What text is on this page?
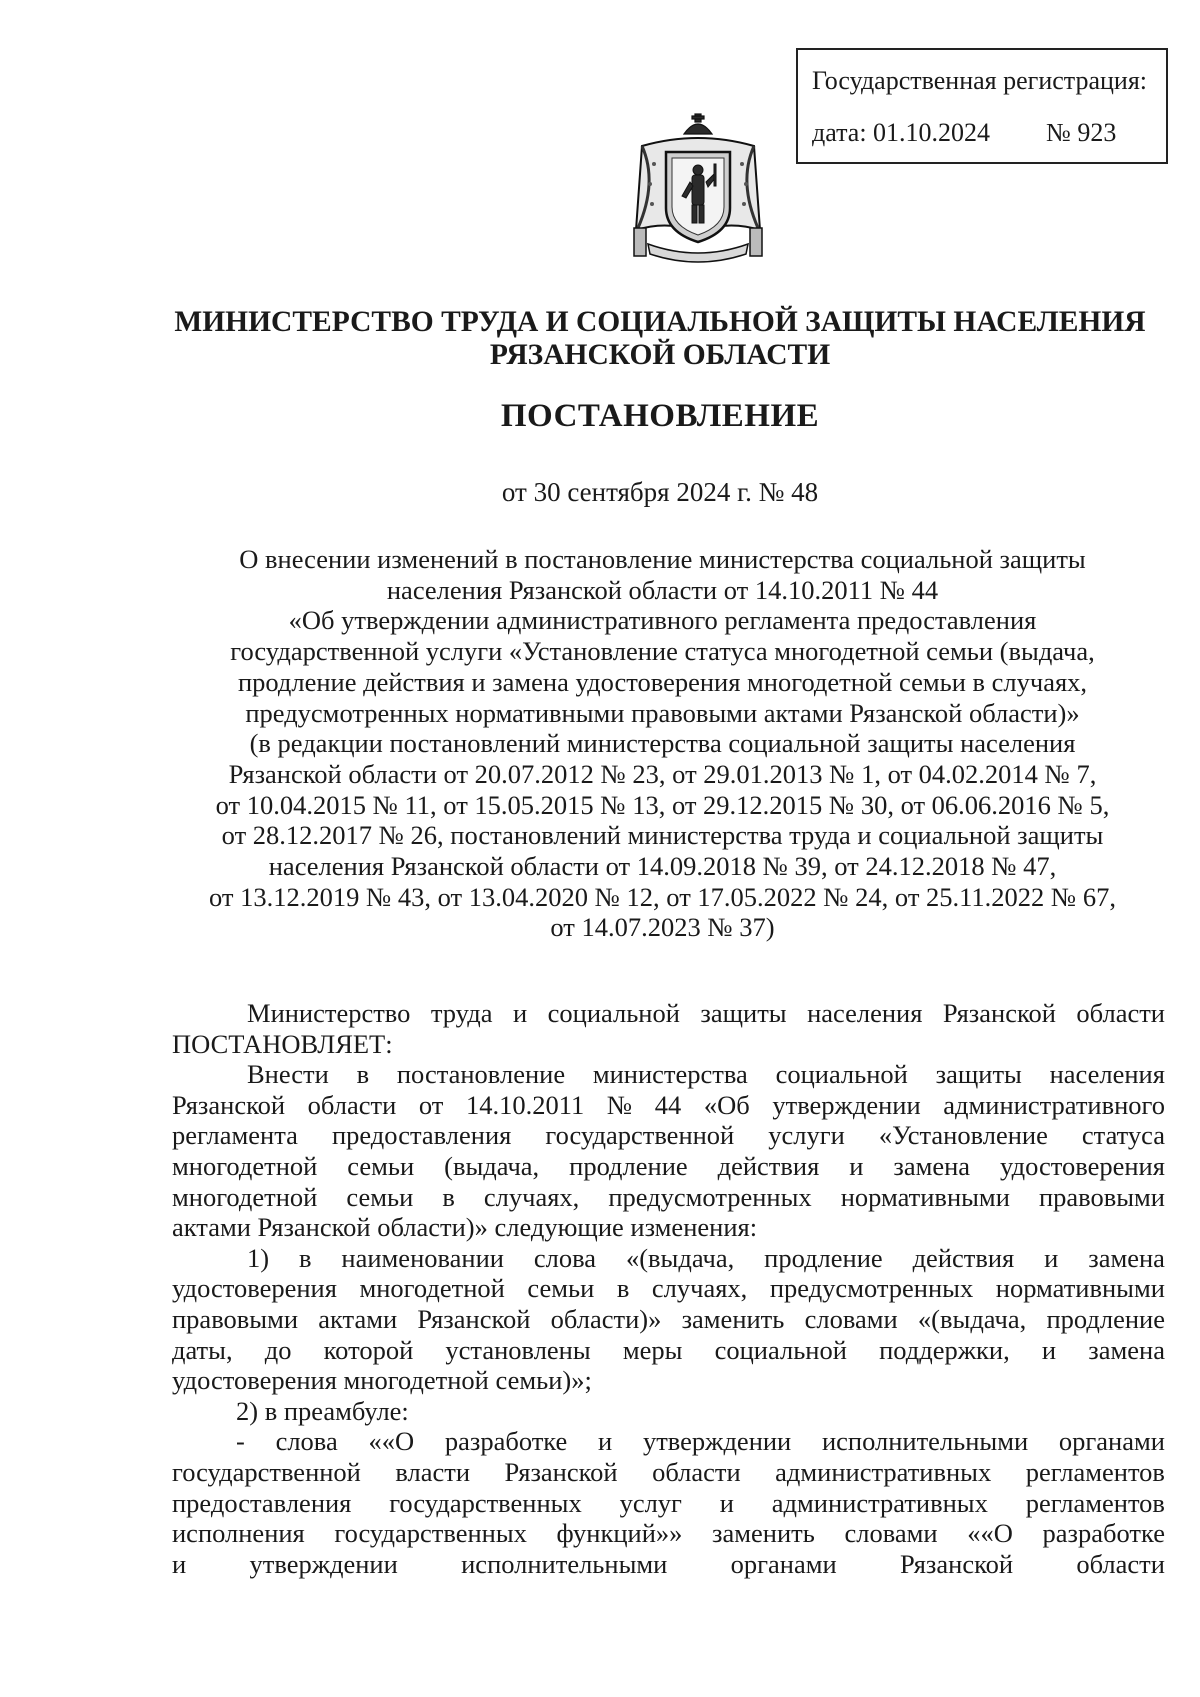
Государственная регистрация:
дата: 01.10.2024 № 923
МИНИСТЕРСТВО ТРУДА И СОЦИАЛЬНОЙ ЗАЩИТЫ НАСЕЛЕНИЯ
РЯЗАНСКОЙ ОБЛАСТИ
ПОСТАНОВЛЕНИЕ
от 30 сентября 2024 г. № 48
О внесении изменений в постановление министерства социальной защиты
населения Рязанской области от 14.10.2011 № 44
«Об утверждении административного регламента предоставления
государственной услуги «Установление статуса многодетной семьи (выдача,
продление действия и замена удостоверения многодетной семьи в случаях,
предусмотренных нормативными правовыми актами Рязанской области)»
(в редакции постановлений министерства социальной защиты населения
Рязанской области от 20.07.2012 № 23, от 29.01.2013 № 1, от 04.02.2014 № 7,
от 10.04.2015 № 11, от 15.05.2015 № 13, от 29.12.2015 № 30, от 06.06.2016 № 5,
от 28.12.2017 № 26, постановлений министерства труда и социальной защиты
населения Рязанской области от 14.09.2018 № 39, от 24.12.2018 № 47,
от 13.12.2019 № 43, от 13.04.2020 № 12, от 17.05.2022 № 24, от 25.11.2022 № 67,
от 14.07.2023 № 37)
Министерство труда и социальной защиты населения Рязанской области
ПОСТАНОВЛЯЕТ:
Внести в постановление министерства социальной защиты населения
Рязанской области от 14.10.2011 № 44 «Об утверждении административного
регламента предоставления государственной услуги «Установление статуса
многодетной семьи (выдача, продление действия и замена удостоверения
многодетной семьи в случаях, предусмотренных нормативными правовыми
актами Рязанской области)» следующие изменения:
1) в наименовании слова «(выдача, продление действия и замена
удостоверения многодетной семьи в случаях, предусмотренных нормативными
правовыми актами Рязанской области)» заменить словами «(выдача, продление
даты, до которой установлены меры социальной поддержки, и замена
удостоверения многодетной семьи)»;
2) в преамбуле:
- слова ««О разработке и утверждении исполнительными органами
государственной власти Рязанской области административных регламентов
предоставления государственных услуг и административных регламентов
исполнения государственных функций»» заменить словами ««О разработке
и утверждении исполнительными органами Рязанской области
